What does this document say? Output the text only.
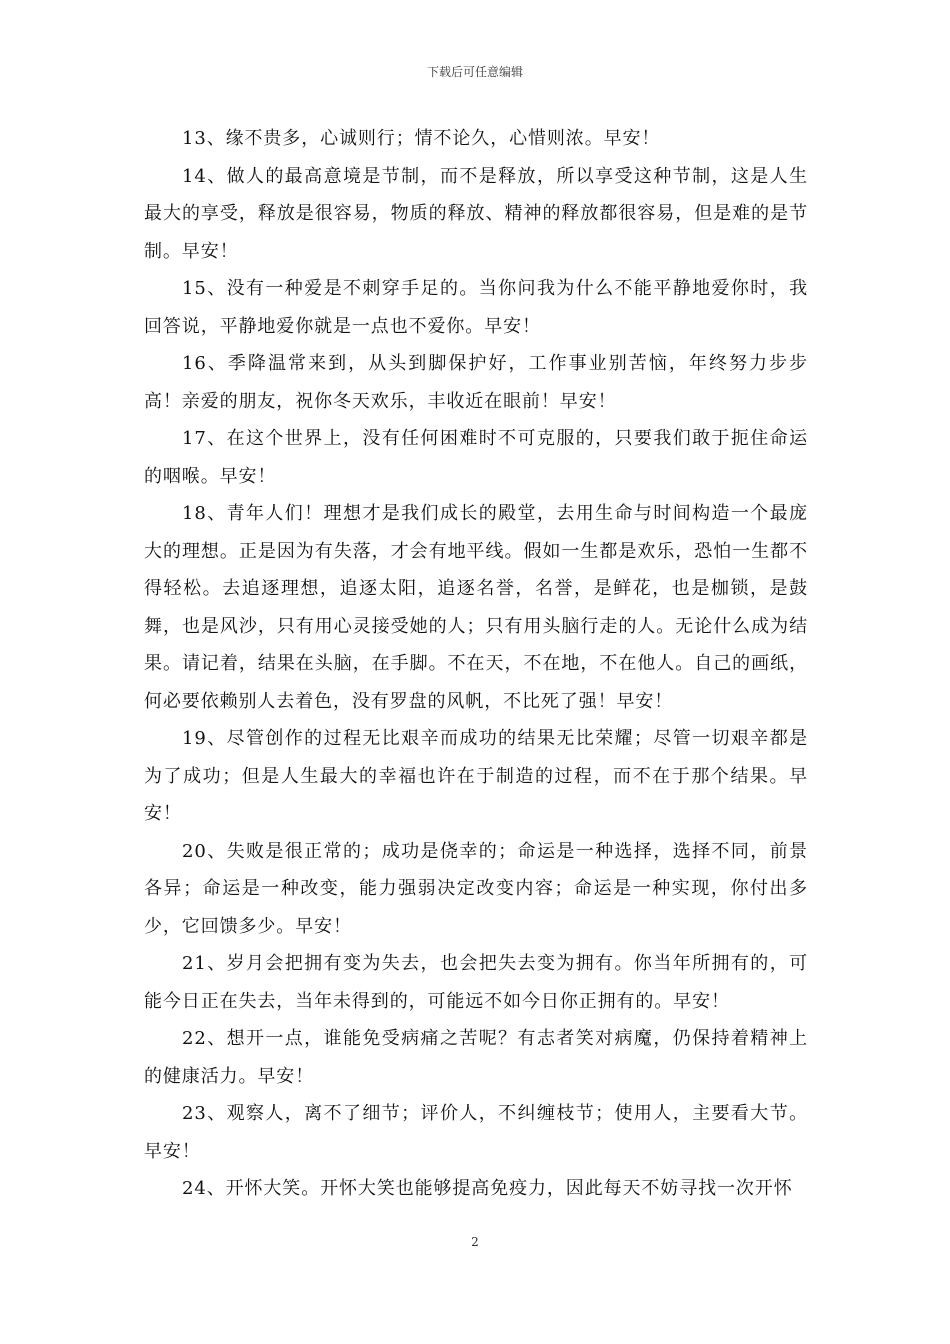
下载后可任意编辑

13、缘不贵多，心诚则行；情不论久，心惜则浓。早安！

14、做人的最高意境是节制，而不是释放，所以享受这种节制，这是人生最大的享受，释放是很容易，物质的释放、精神的释放都很容易，但是难的是节制。早安！

15、没有一种爱是不刺穿手足的。当你问我为什么不能平静地爱你时，我回答说，平静地爱你就是一点也不爱你。早安！

16、季降温常来到，从头到脚保护好，工作事业别苦恼，年终努力步步高！亲爱的朋友，祝你冬天欢乐，丰收近在眼前！早安！

17、在这个世界上，没有任何困难时不可克服的，只要我们敢于扼住命运的咽喉。早安！

18、青年人们！理想才是我们成长的殿堂，去用生命与时间构造一个最庞大的理想。正是因为有失落，才会有地平线。假如一生都是欢乐，恐怕一生都不得轻松。去追逐理想，追逐太阳，追逐名誉，名誉，是鲜花，也是枷锁，是鼓舞，也是风沙，只有用心灵接受她的人；只有用头脑行走的人。无论什么成为结果。请记着，结果在头脑，在手脚。不在天，不在地，不在他人。自己的画纸，何必要依赖别人去着色，没有罗盘的风帆，不比死了强！早安！

19、尽管创作的过程无比艰辛而成功的结果无比荣耀；尽管一切艰辛都是为了成功；但是人生最大的幸福也许在于制造的过程，而不在于那个结果。早安！

20、失败是很正常的；成功是侥幸的；命运是一种选择，选择不同，前景各异；命运是一种改变，能力强弱决定改变内容；命运是一种实现，你付出多少，它回馈多少。早安！

21、岁月会把拥有变为失去，也会把失去变为拥有。你当年所拥有的，可能今日正在失去，当年未得到的，可能远不如今日你正拥有的。早安！

22、想开一点，谁能免受病痛之苦呢？有志者笑对病魔，仍保持着精神上的健康活力。早安！

23、观察人，离不了细节；评价人，不纠缠枝节；使用人，主要看大节。早安！

24、开怀大笑。开怀大笑也能够提高免疫力，因此每天不妨寻找一次开怀

2
